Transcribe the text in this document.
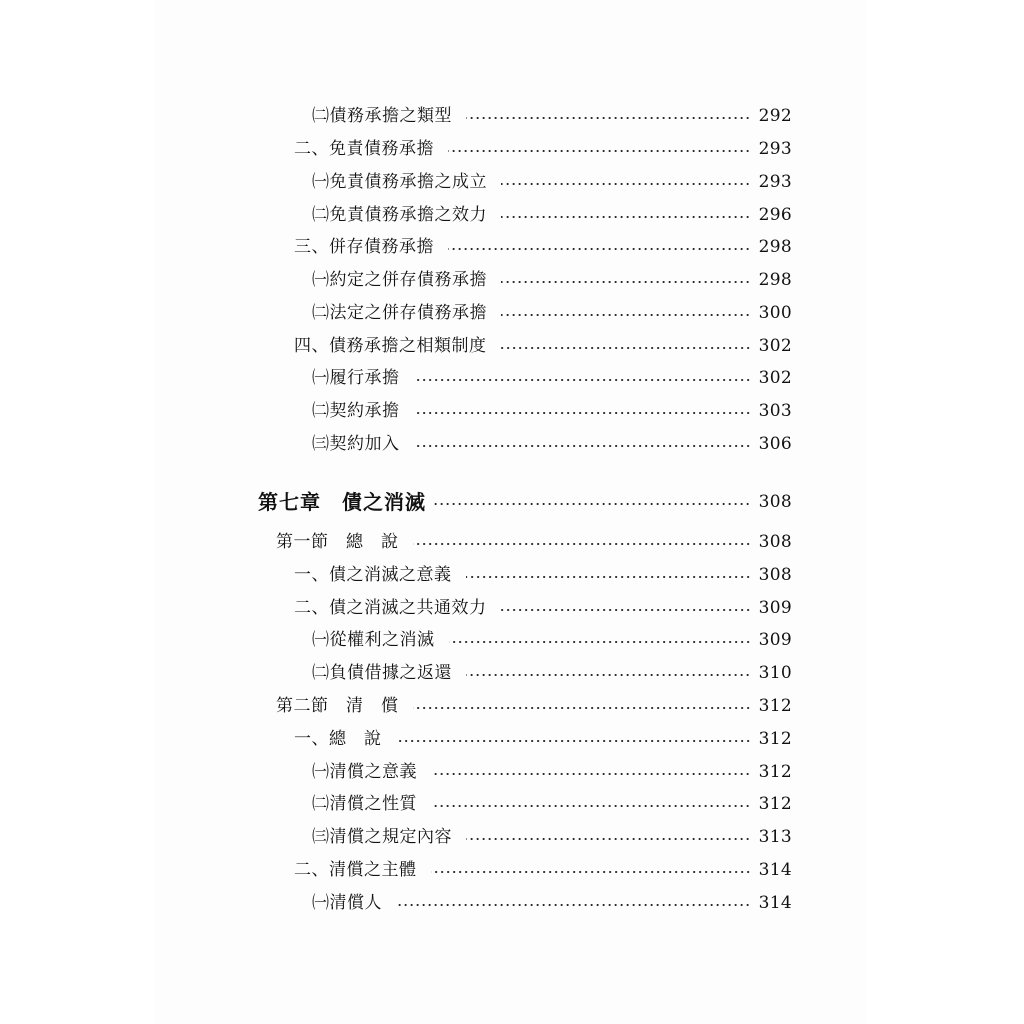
㈡債務承擔之類型	292
二、免責債務承擔	293
㈠免責債務承擔之成立	293
㈡免責債務承擔之效力	296
三、併存債務承擔	298
㈠約定之併存債務承擔	298
㈡法定之併存債務承擔	300
四、債務承擔之相類制度	302
㈠履行承擔	302
㈡契約承擔	303
㈢契約加入	306
第七章　債之消滅	308
第一節　總　說	308
一、債之消滅之意義	308
二、債之消滅之共通效力	309
㈠從權利之消滅	309
㈡負債借據之返還	310
第二節　清　償	312
一、總　說	312
㈠清償之意義	312
㈡清償之性質	312
㈢清償之規定內容	313
二、清償之主體	314
㈠清償人	314
